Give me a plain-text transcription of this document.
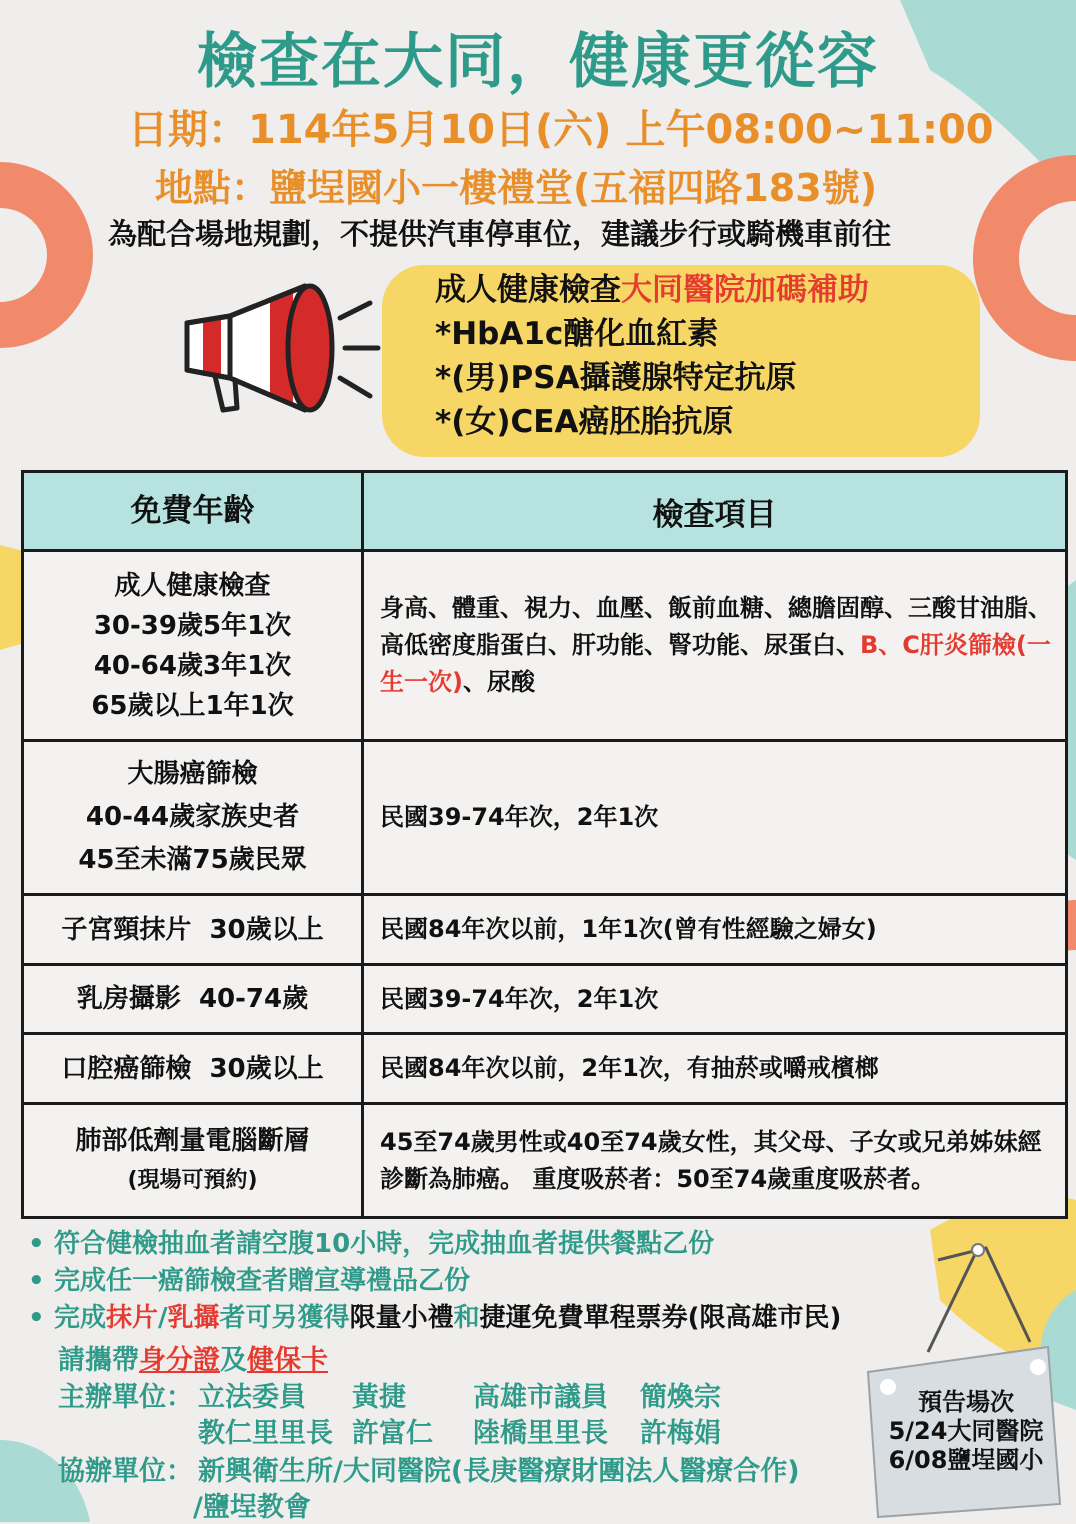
檢查在大同，健康更從容
日期：114年5月10日(六) 上午08:00~11:00
地點：鹽埕國小一樓禮堂(五福四路183號)
為配合場地規劃，不提供汽車停車位，建議步行或騎機車前往
成人健康檢查大同醫院加碼補助
*HbA1c醣化血紅素
*(男)PSA攝護腺特定抗原
*(女)CEA癌胚胎抗原
免費年齡	檢查項目

成人健康檢查
30-39歲5年1次
40-64歲3年1次
65歲以上1年1次	身高、體重、視力、血壓、飯前血糖、總膽固醇、三酸甘油脂、高低密度脂蛋白、肝功能、腎功能、尿蛋白、B、C肝炎篩檢(一生一次)、尿酸

大腸癌篩檢
40-44歲家族史者
45至未滿75歲民眾	民國39-74年次，2年1次
子宮頸抹片  30歲以上	民國84年次以前，1年1次(曾有性經驗之婦女)
乳房攝影  40-74歲	民國39-74年次，2年1次
口腔癌篩檢  30歲以上	民國84年次以前，2年1次，有抽菸或嚼戒檳榔

肺部低劑量電腦斷層
(現場可預約)	45至74歲男性或40至74歲女性，其父母、子女或兄弟姊妹經診斷為肺癌。 重度吸菸者：50至74歲重度吸菸者。
• 符合健檢抽血者請空腹10小時，完成抽血者提供餐點乙份
• 完成任一癌篩檢查者贈宣導禮品乙份
• 完成抹片/乳攝者可另獲得限量小禮和捷運免費單程票券(限高雄市民)
請攜帶身分證及健保卡
主辦單位： 立法委員 黃捷 高雄市議員 簡煥宗
教仁里里長 許富仁 陸橋里里長 許梅娟
協辦單位： 新興衛生所/大同醫院(長庚醫療財團法人醫療合作)
/鹽埕教會
預告場次
5/24大同醫院
6/08鹽埕國小
